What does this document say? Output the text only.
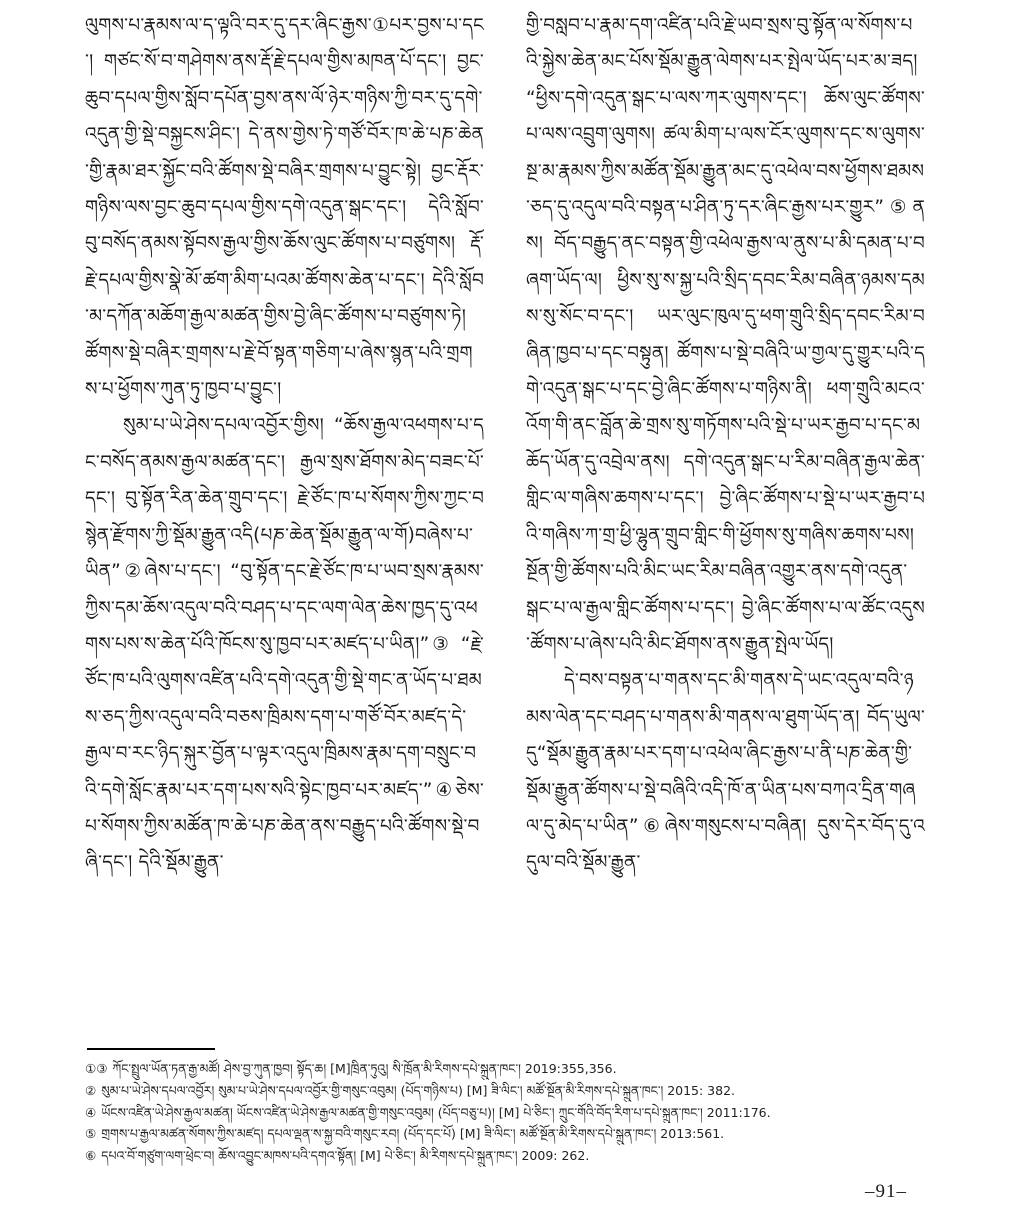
ལུགས་པ་རྣམས་ལ་ད་ལྟའི་བར་དུ་དར་ཞིང་རྒྱས་①པར་བྱས་པ་དང་། གཙང་སོ་བ་གཤེགས་ནས་རྡོ་རྗེ་དཔལ་གྱིས་མཁན་པོ་དང་། བྱང་ཆུབ་དཔལ་གྱིས་སློབ་དཔོན་བྱས་ནས་ལོ་ཉེར་གཉིས་ཀྱི་བར་དུ་དགེ་འདུན་གྱི་སྡེ་བསྐྱངས་ཤིང་། དེ་ནས་གྱེས་ཏེ་གཙོ་བོར་ཁ་ཆེ་པཎ་ཆེན་གྱི་རྣམ་ཐར་སྐྱོང་བའི་ཚོགས་སྡེ་བཞིར་གྲགས་པ་བྱུང་སྟེ། བྱང་རྡོར་གཉིས་ལས་བྱང་ཆུབ་དཔལ་གྱིས་དགེ་འདུན་སྒང་དང་། དེའི་སློབ་བུ་བསོད་ནམས་སྟོབས་རྒྱལ་གྱིས་ཆོས་ལུང་ཚོགས་པ་བཙུགས། རྡོ་རྗེ་དཔལ་གྱིས་སྣེ་མོ་ཚག་མིག་པའམ་ཚོགས་ཆེན་པ་དང་། དེའི་སློབ་མ་དཀོན་མཆོག་རྒྱལ་མཚན་གྱིས་བྱེ་ཞིང་ཚོགས་པ་བཙུགས་ཏེ། ཚོགས་སྡེ་བཞིར་གྲགས་པ་རྗེ་བོ་སྟན་གཅིག་པ་ཞེས་སྙན་པའི་གྲགས་པ་ཕྱོགས་ཀུན་ཏུ་ཁྱབ་པ་བྱུང་།

སུམ་པ་ཡེ་ཤེས་དཔལ་འབྱོར་གྱིས། “ཆོས་རྒྱལ་འཕགས་པ་དང་བསོད་ནམས་རྒྱལ་མཚན་དང་། རྒྱལ་སྲས་ཐོགས་མེད་བཟང་པོ་དང་། བུ་སྟོན་རིན་ཆེན་གྲུབ་དང་། རྗེ་ཙོང་ཁ་པ་སོགས་ཀྱིས་ཀྱང་བསྙེན་རྫོགས་ཀྱི་སྡོམ་རྒྱུན་འདི(པཎ་ཆེན་སྡོམ་རྒྱུན་ལ་གོ)བཞེས་པ་ཡིན”②ཞེས་པ་དང་། “བུ་སྟོན་དང་རྗེ་ཙོང་ཁ་པ་ཡབ་སྲས་རྣམས་ཀྱིས་དམ་ཆོས་འདུལ་བའི་བཤད་པ་དང་ལག་ལེན་ཆེས་ཁྱད་དུ་འཕགས་པས་ས་ཆེན་པོའི་ཁོངས་སུ་ཁྱབ་པར་མཛད་པ་ཡིན།”③ “རྗེ་ཙོང་ཁ་པའི་ལུགས་འཛིན་པའི་དགེ་འདུན་གྱི་སྡེ་གང་ན་ཡོད་པ་ཐམས་ཅད་ཀྱིས་འདུལ་བའི་བཅས་ཁྲིམས་དག་པ་གཙོ་བོར་མཛད་དེ་རྒྱལ་བ་རང་ཉིད་སྐུར་བྱོན་པ་ལྟར་འདུལ་ཁྲིམས་རྣམ་དག་བསྲུང་བའི་དགེ་སློང་རྣམ་པར་དག་པས་སའི་སྟེང་ཁྱབ་པར་མཛད་”④ཅེས་པ་སོགས་ཀྱིས་མཚོན་ཁ་ཆེ་པཎ་ཆེན་ནས་བརྒྱུད་པའི་ཚོགས་སྡེ་བཞི་དང་། དེའི་སྡོམ་རྒྱུན་

གྱི་བསླབ་པ་རྣམ་དག་འཛིན་པའི་རྗེ་ཡབ་སྲས་བུ་སྟོན་ལ་སོགས་པའི་སྐྱེས་ཆེན་མང་པོས་སྡོམ་རྒྱུན་ལེགས་པར་སྤེལ་ཡོད་པར་མ་ཟད། “ཕྱིས་དགེ་འདུན་སྒང་པ་ལས་ཀར་ལུགས་དང་། ཆོས་ལུང་ཚོགས་པ་ལས་འབྲུག་ལུགས། ཚལ་མིག་པ་ལས་ངོར་ལུགས་དང་ས་ལུགས་སྔ་མ་རྣམས་ཀྱིས་མཚོན་སྡོམ་རྒྱུན་མང་དུ་འཕེལ་བས་ཕྱོགས་ཐམས་ཅད་དུ་འདུལ་བའི་བསྟན་པ་ཤིན་ཏུ་དར་ཞིང་རྒྱས་པར་གྱུར”⑤ནས། བོད་བརྒྱུད་ནང་བསྟན་གྱི་འཕེལ་རྒྱས་ལ་ནུས་པ་མི་དམན་པ་བཞག་ཡོད་ལ། ཕྱིས་སུ་ས་སྐྱ་པའི་སྲིད་དབང་རིམ་བཞིན་ཉམས་དམས་སུ་སོང་བ་དང་། ཡར་ལུང་ཁུལ་དུ་ཕག་གྲུའི་སྲིད་དབང་རིམ་བཞིན་ཁྱབ་པ་དང་བསྟུན། ཚོགས་པ་སྡེ་བཞིའི་ཡ་གྱལ་དུ་གྱུར་པའི་དགེ་འདུན་སྒང་པ་དང་བྱེ་ཞིང་ཚོགས་པ་གཉིས་ནི། ཕག་གྲུའི་མངའ་འོག་གི་ནང་བློན་ཆེ་གྲས་སུ་གཏོགས་པའི་སྡེ་པ་ཡར་རྒྱབ་པ་དང་མཆོད་ཡོན་དུ་འབྲེལ་ནས། དགེ་འདུན་སྒང་པ་རིམ་བཞིན་རྒྱལ་ཆེན་གླིང་ལ་གཞིས་ཆགས་པ་དང་། བྱེ་ཞིང་ཚོགས་པ་སྡེ་པ་ཡར་རྒྱབ་པའི་གཞིས་ཀ་གྲ་ཕྱི་ལྷུན་གྲུབ་གླིང་གི་ཕྱོགས་སུ་གཞིས་ཆགས་པས། སྔོན་གྱི་ཚོགས་པའི་མིང་ཡང་རིམ་བཞིན་འགྱུར་ནས་དགེ་འདུན་སྒང་པ་ལ་རྒྱལ་གླིང་ཚོགས་པ་དང་། བྱེ་ཞིང་ཚོགས་པ་ལ་ཚོང་འདུས་ཚོགས་པ་ཞེས་པའི་མིང་ཐོགས་ནས་རྒྱུན་སྤེལ་ཡོད།

དེ་བས་བསྟན་པ་གནས་དང་མི་གནས་དེ་ཡང་འདུལ་བའི་ཉམས་ལེན་དང་བཤད་པ་གནས་མི་གནས་ལ་ཐུག་ཡོད་ན། བོད་ཡུལ་དུ“སྡོམ་རྒྱུན་རྣམ་པར་དག་པ་འཕེལ་ཞིང་རྒྱས་པ་ནི་པཎ་ཆེན་གྱི་སྡོམ་རྒྱུན་ཚོགས་པ་སྡེ་བཞིའི་འདི་ཁོ་ན་ཡིན་པས་བཀའ་དྲིན་གཞལ་དུ་མེད་པ་ཡིན”⑥ཞེས་གསུངས་པ་བཞིན། དུས་དེར་བོད་དུ་འདུལ་བའི་སྡོམ་རྒྱུན་

①③ ཀོང་སྤྲུལ་ཡོན་ཏན་རྒྱ་མཚོ། ཤེས་བྱ་ཀུན་ཁྱབ། སྟོད་ཆ། [M]ཁྲིན་ཏུའུ། སི་ཁྲོན་མི་རིགས་དཔེ་སྐྲུན་ཁང་། 2019:355,356.
② སུམ་པ་ཡེ་ཤེས་དཔལ་འབྱོར། སུམ་པ་ཡེ་ཤེས་དཔལ་འབྱོར་གྱི་གསུང་འབུམ། (པོད་གཉིས་པ) [M] ཟི་ལིང་། མཚོ་སྔོན་མི་རིགས་དཔེ་སྐྲུན་ཁང་། 2015: 382.
④ ཡོངས་འཛིན་ཡེ་ཤེས་རྒྱལ་མཚན། ཡོངས་འཛིན་ཡེ་ཤེས་རྒྱལ་མཚན་གྱི་གསུང་འབུམ། (པོད་བཅུ་པ)། [M] པེ་ཅིང་། ཀྲུང་གོའི་བོད་རིག་པ་དཔེ་སྐྲུན་ཁང་། 2011:176.
⑤ གྲགས་པ་རྒྱལ་མཚན་སོགས་ཀྱིས་མཛད། དཔལ་ལྡན་ས་སྐྱ་བའི་གསུང་རབ། (པོད་དང་པོ) [M] ཟི་ལིང་། མཚོ་སྔོན་མི་རིགས་དཔེ་སྐྲུན་ཁང་། 2013:561.
⑥ དཔའ་བོ་གཙུག་ལག་ཕྲེང་བ། ཆོས་འབྱུང་མཁས་པའི་དགའ་སྟོན། [M] པེ་ཅིང་། མི་རིགས་དཔེ་སྐྲུན་ཁང་། 2009: 262.
–91–
